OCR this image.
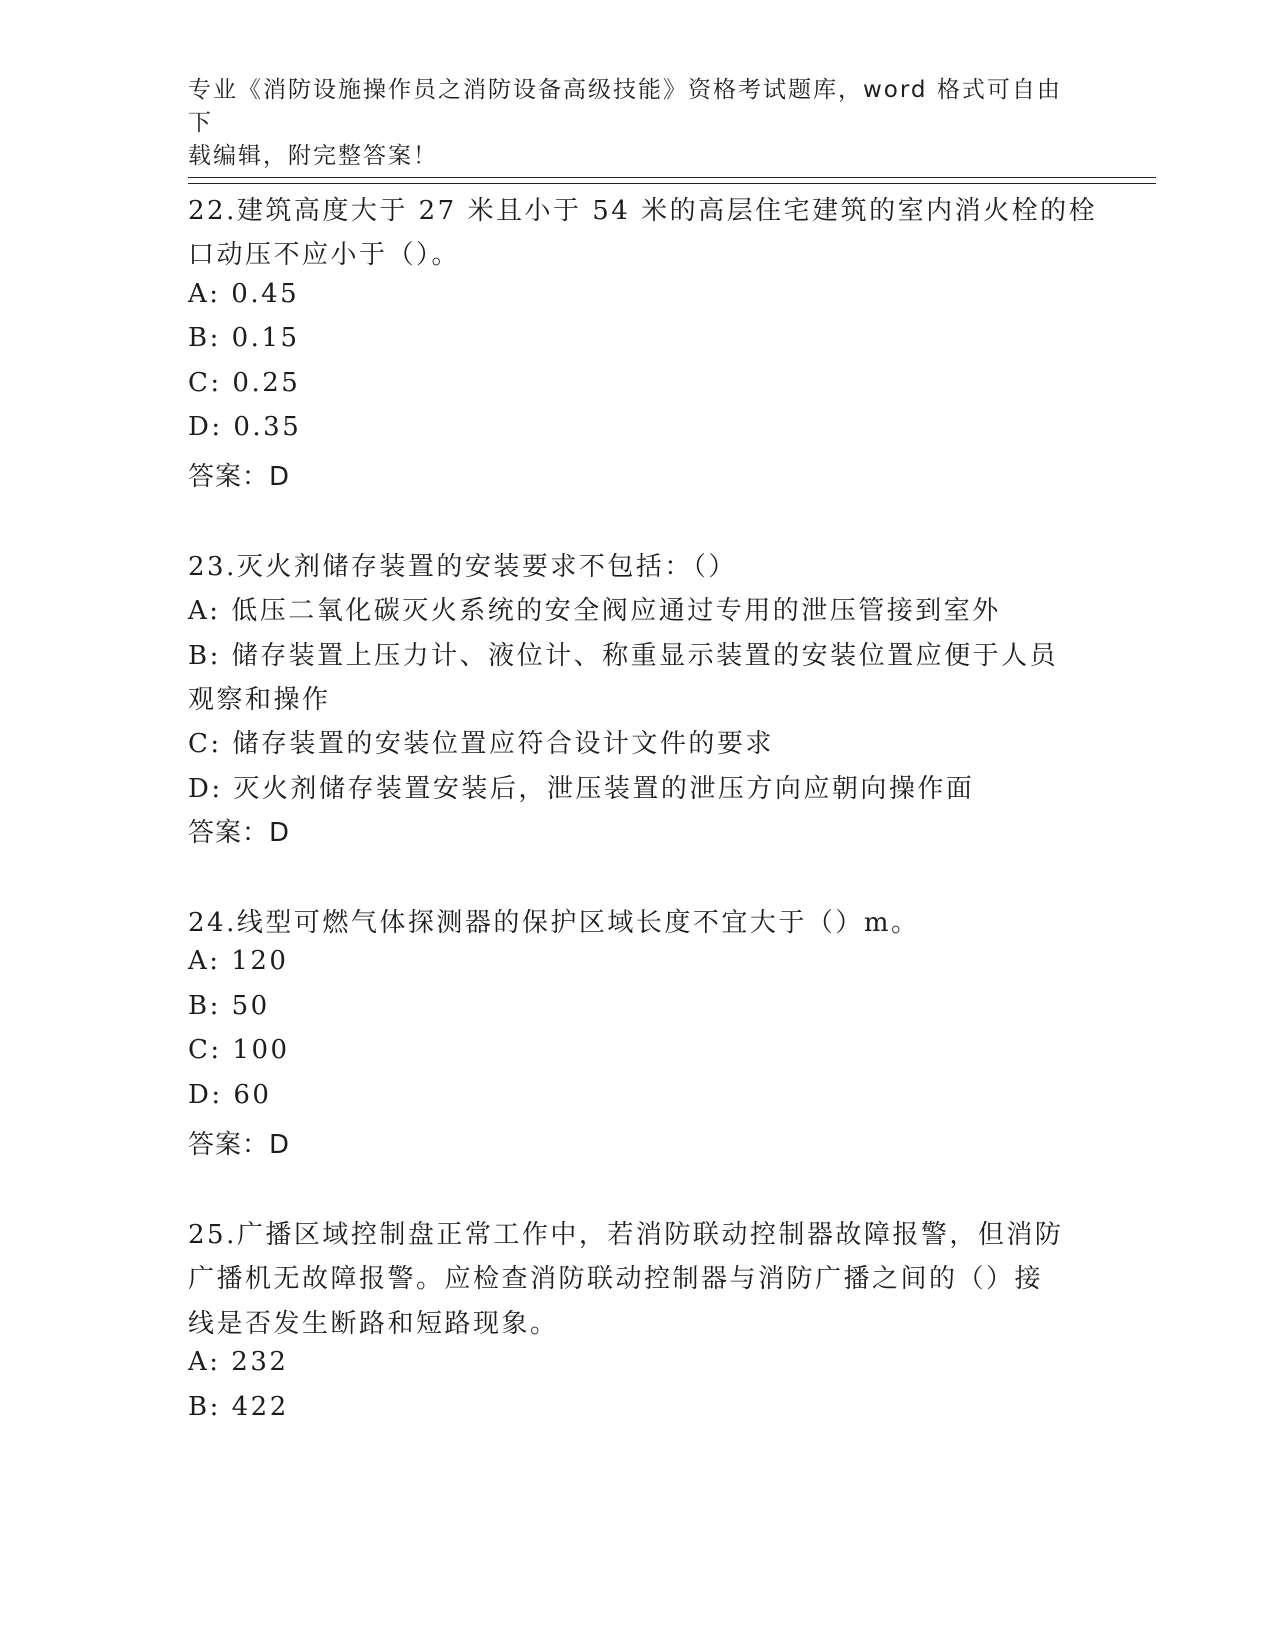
专业《消防设施操作员之消防设备高级技能》资格考试题库，word 格式可自由下
载编辑，附完整答案！
22.建筑高度大于 27 米且小于 54 米的高层住宅建筑的室内消火栓的栓
口动压不应小于（）。
A: 0.45
B: 0.15
C: 0.25
D: 0.35
答案：D
23.灭火剂储存装置的安装要求不包括：（）
A: 低压二氧化碳灭火系统的安全阀应通过专用的泄压管接到室外
B: 储存装置上压力计、液位计、称重显示装置的安装位置应便于人员
观察和操作
C: 储存装置的安装位置应符合设计文件的要求
D: 灭火剂储存装置安装后，泄压装置的泄压方向应朝向操作面
答案：D
24.线型可燃气体探测器的保护区域长度不宜大于（）m。
A: 120
B: 50
C: 100
D: 60
答案：D
25.广播区域控制盘正常工作中，若消防联动控制器故障报警，但消防
广播机无故障报警。应检查消防联动控制器与消防广播之间的（）接
线是否发生断路和短路现象。
A: 232
B: 422
